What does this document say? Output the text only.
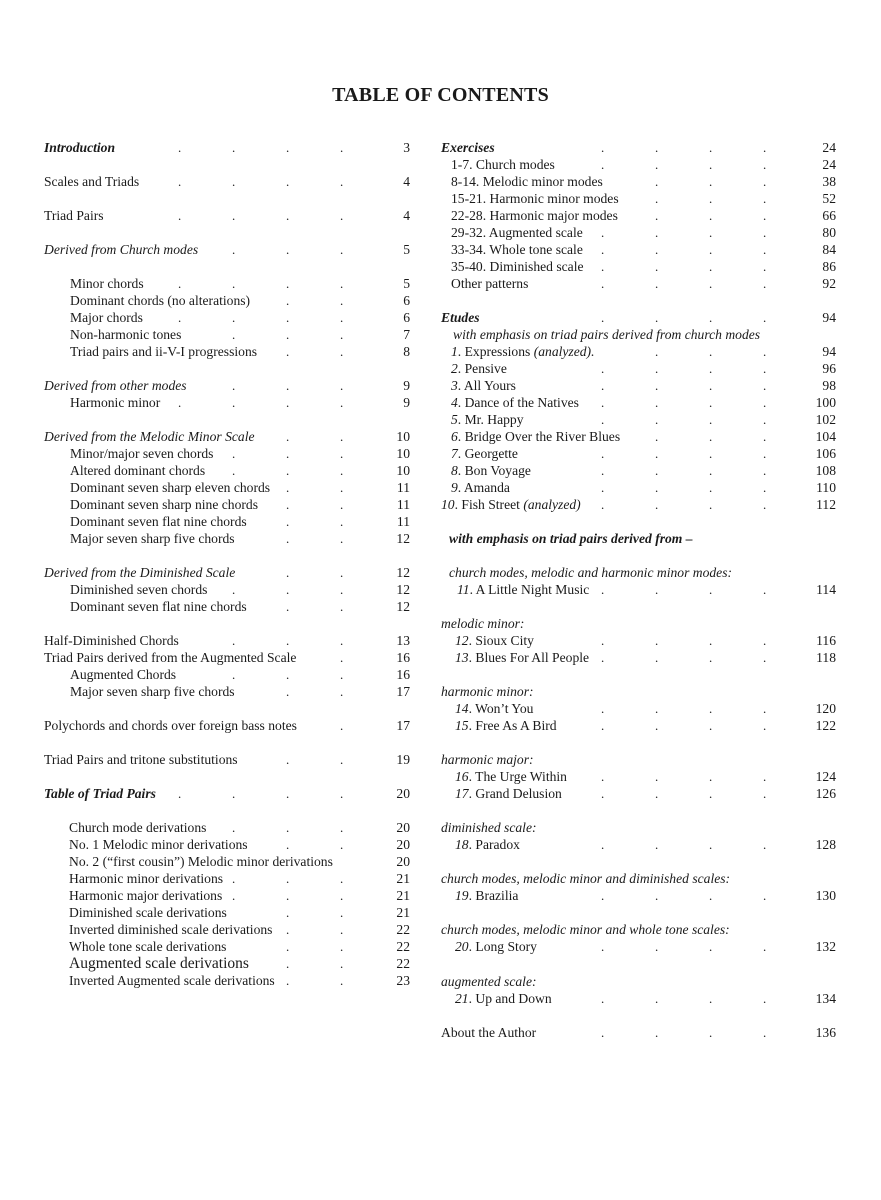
TABLE OF CONTENTS
Introduction	.	.	.	.	3
Scales and Triads	.	.	.	.	4
Triad Pairs	.	.	.	.	4
Derived from Church modes	.	.	.	5
Minor chords	.	.	.	.	5
Dominant chords (no alterations)	.	.	6
Major chords	.	.	.	.	6
Non-harmonic tones	.	.	.	7
Triad pairs and ii-V-I progressions .	.	8
Derived from other modes	.	.	.	9
Harmonic minor .	.	.	.	9
Derived from the Melodic Minor Scale .	.	10
Minor/major seven chords .	.	.	10
Altered dominant chords .	.	.	10
Dominant seven sharp eleven chords .	.	11
Dominant seven sharp nine chords .	.	11
Dominant seven flat nine chords	.	.	11
Major seven sharp five chords	.	.	12
Derived from the Diminished Scale	.	.	12
Diminished seven chords .	.	.	12
Dominant seven flat nine chords	.	.	12
Half-Diminished Chords	.	.	.	13
Triad Pairs derived from the Augmented Scale	.	16
Augmented Chords	.	.	.	16
Major seven sharp five chords	.	.	17
Polychords and chords over foreign bass notes	.	17
Triad Pairs and tritone substitutions	.	.	19
Table of Triad Pairs .	.	.	.	20
Church mode derivations .	.	.	20
No. 1 Melodic minor derivations	.	.	20
No. 2 (“first cousin”) Melodic minor derivations	20
Harmonic minor derivations .	.	.	21
Harmonic major derivations .	.	.	21
Diminished scale derivations	.	.	21
Inverted diminished scale derivations .	.	22
Whole tone scale derivations	.	.	22
Augmented scale derivations	.	.	22
Inverted Augmented scale derivations .	.	23
Exercises	.	.	.	.	24
1-7. Church modes	.	.	.	.	24
8-14. Melodic minor modes	.	.	.	38
15-21. Harmonic minor modes	.	.	.	52
22-28. Harmonic major modes	.	.	.	66
29-32. Augmented scale .	.	.	.	80
33-34. Whole tone scale .	.	.	.	84
35-40. Diminished scale .	.	.	.	86
Other patterns	.	.	.	.	92
Etudes	.	.	.	.	94
with emphasis on triad pairs derived from church modes
1. Expressions (analyzed).	.	.	.	94
2. Pensive	.	.	.	.	96
3. All Yours	.	.	.	.	98
4. Dance of the Natives .	.	.	.	100
5. Mr. Happy	.	.	.	.	102
6. Bridge Over the River Blues	.	.	.	104
7. Georgette	.	.	.	.	106
8. Bon Voyage	.	.	.	.	108
9. Amanda	.	.	.	.	110
10. Fish Street (analyzed) .	.	.	.	112
with emphasis on triad pairs derived from –
church modes, melodic and harmonic minor modes:
11. A Little Night Music .	.	.	.	114
melodic minor:
12. Sioux City	.	.	.	.	116
13. Blues For All People .	.	.	.	118
harmonic minor:
14. Won’t You	.	.	.	.	120
15. Free As A Bird	.	.	.	.	122
harmonic major:
16. The Urge Within	.	.	.	.	124
17. Grand Delusion	.	.	.	.	126
diminished scale:
18. Paradox	.	.	.	.	128
church modes, melodic minor and diminished scales:
19. Brazilia	.	.	.	.	130
church modes, melodic minor and whole tone scales:
20. Long Story	.	.	.	.	132
augmented scale:
21. Up and Down	.	.	.	.	134
About the Author	.	.	.	.	136
